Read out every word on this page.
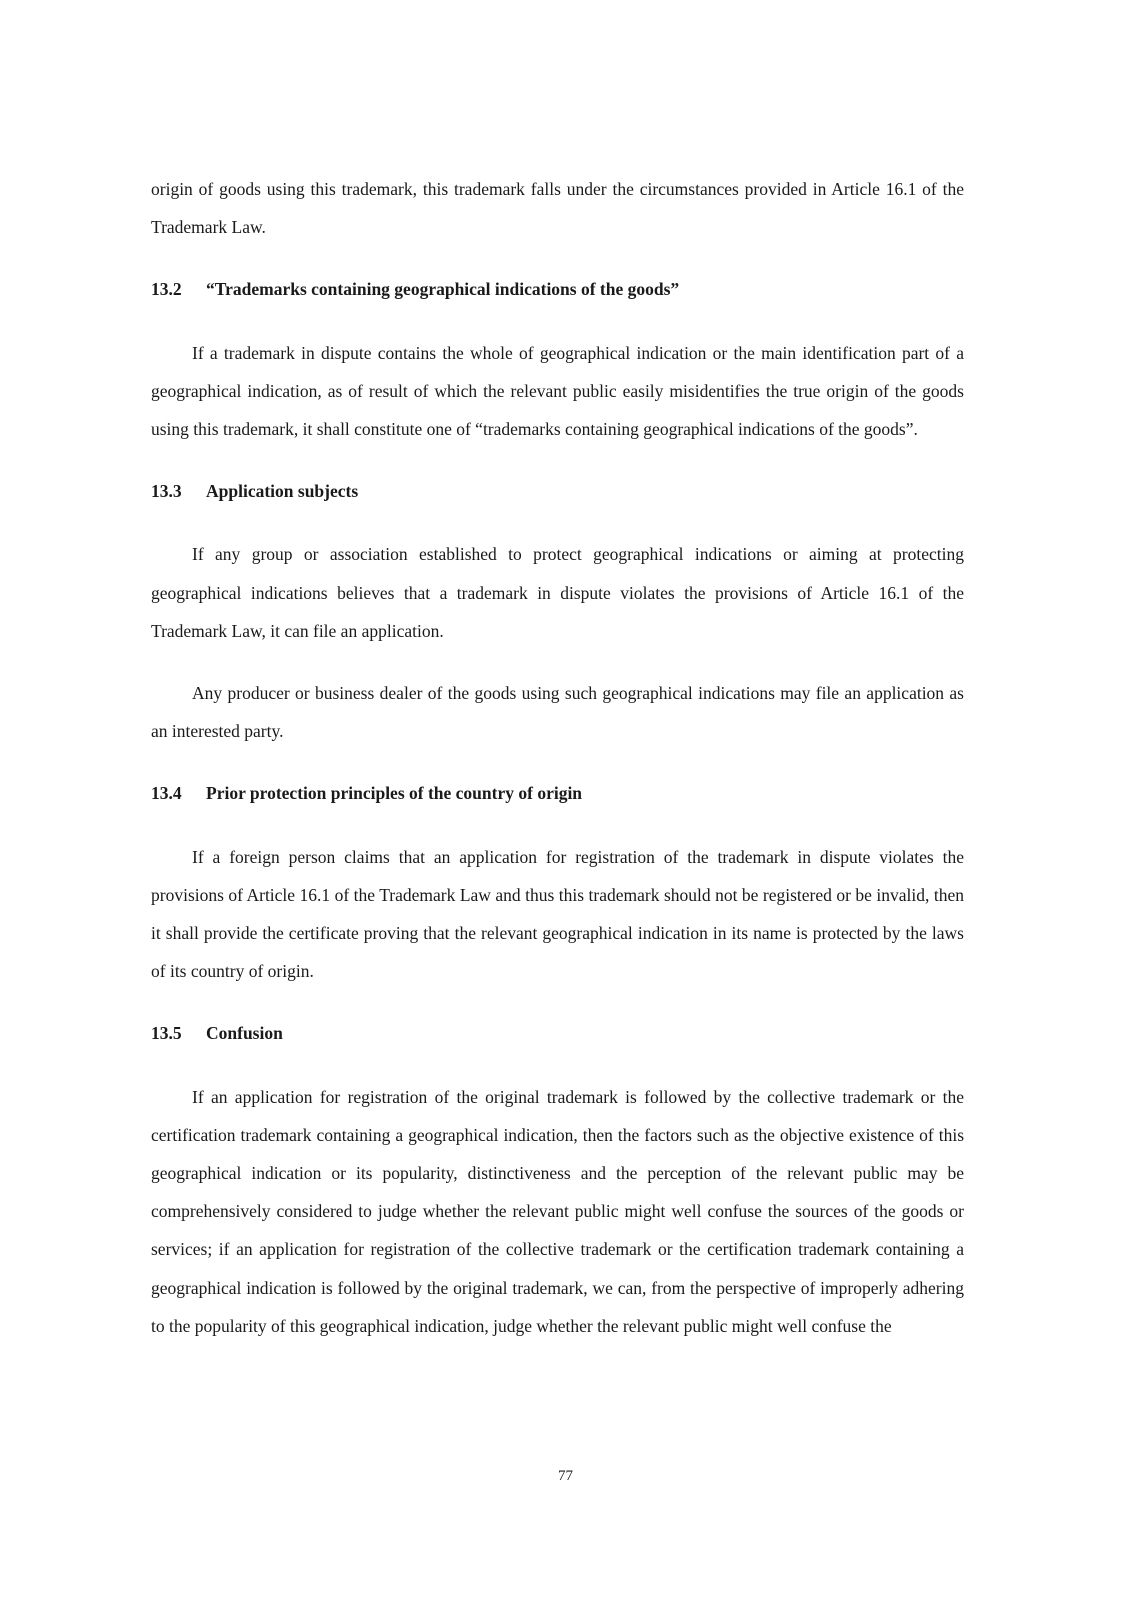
origin of goods using this trademark, this trademark falls under the circumstances provided in Article 16.1 of the Trademark Law.

13.2 “Trademarks containing geographical indications of the goods”

If a trademark in dispute contains the whole of geographical indication or the main identification part of a geographical indication, as of result of which the relevant public easily misidentifies the true origin of the goods using this trademark, it shall constitute one of “trademarks containing geographical indications of the goods”.

13.3 Application subjects

If any group or association established to protect geographical indications or aiming at protecting geographical indications believes that a trademark in dispute violates the provisions of Article 16.1 of the Trademark Law, it can file an application.

Any producer or business dealer of the goods using such geographical indications may file an application as an interested party.

13.4 Prior protection principles of the country of origin

If a foreign person claims that an application for registration of the trademark in dispute violates the provisions of Article 16.1 of the Trademark Law and thus this trademark should not be registered or be invalid, then it shall provide the certificate proving that the relevant geographical indication in its name is protected by the laws of its country of origin.

13.5 Confusion

If an application for registration of the original trademark is followed by the collective trademark or the certification trademark containing a geographical indication, then the factors such as the objective existence of this geographical indication or its popularity, distinctiveness and the perception of the relevant public may be comprehensively considered to judge whether the relevant public might well confuse the sources of the goods or services; if an application for registration of the collective trademark or the certification trademark containing a geographical indication is followed by the original trademark, we can, from the perspective of improperly adhering to the popularity of this geographical indication, judge whether the relevant public might well confuse the

77
